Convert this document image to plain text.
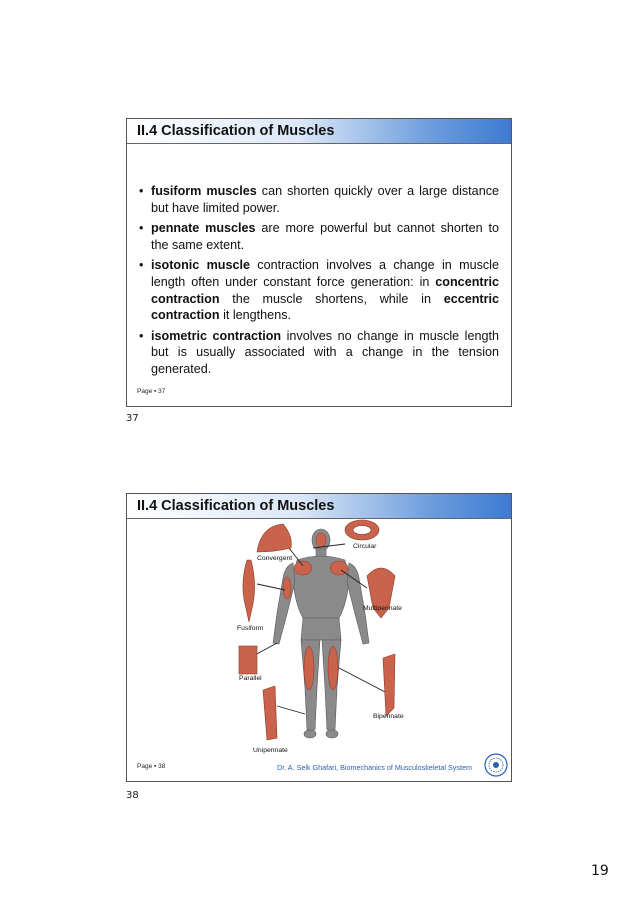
II.4 Classification of Muscles
• fusiform muscles can shorten quickly over a large distance but have limited power.
• pennate muscles are more powerful but cannot shorten to the same extent.
• isotonic muscle contraction involves a change in muscle length often under constant force generation: in concentric contraction the muscle shortens, while in eccentric contraction it lengthens.
• isometric contraction involves no change in muscle length but is usually associated with a change in the tension generated.
Page ▪ 37
37
II.4 Classification of Muscles
Circular
Convergent
Multipennate
Fusiform
Parallel
Bipennate
Unipennate
Page ▪ 38	Dr. A. Selk Ghafari, Biomechanics of Musculoskeletal System
38
19
